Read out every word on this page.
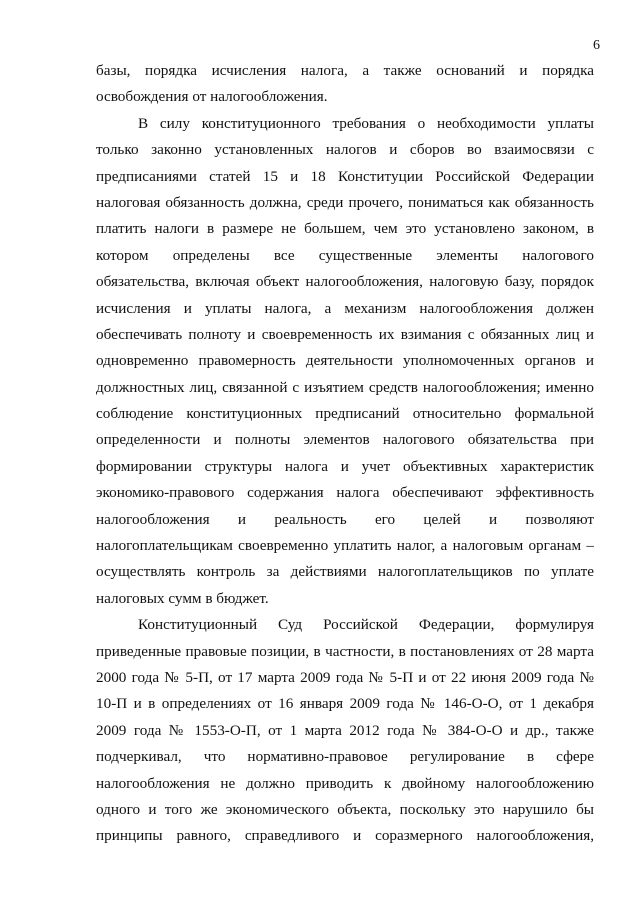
6
базы, порядка исчисления налога, а также оснований и порядка
освобождения от налогообложения.
В силу конституционного требования о необходимости уплаты
только законно установленных налогов и сборов во взаимосвязи с
предписаниями статей 15 и 18 Конституции Российской Федерации
налоговая обязанность должна, среди прочего, пониматься как обязанность
платить налоги в размере не большем, чем это установлено законом, в
котором определены все существенные элементы налогового
обязательства, включая объект налогообложения, налоговую базу, порядок
исчисления и уплаты налога, а механизм налогообложения должен
обеспечивать полноту и своевременность их взимания с обязанных лиц и
одновременно правомерность деятельности уполномоченных органов и
должностных лиц, связанной с изъятием средств налогообложения; именно
соблюдение конституционных предписаний относительно формальной
определенности и полноты элементов налогового обязательства при
формировании структуры налога и учет объективных характеристик
экономико-правового содержания налога обеспечивают эффективность
налогообложения и реальность его целей и позволяют
налогоплательщикам своевременно уплатить налог, а налоговым органам –
осуществлять контроль за действиями налогоплательщиков по уплате
налоговых сумм в бюджет.
Конституционный Суд Российской Федерации, формулируя
приведенные правовые позиции, в частности, в постановлениях от 28 марта
2000 года № 5-П, от 17 марта 2009 года № 5-П и от 22 июня 2009 года №
10-П и в определениях от 16 января 2009 года № 146-О-О, от 1 декабря
2009 года № 1553-О-П, от 1 марта 2012 года № 384-О-О и др., также
подчеркивал, что нормативно-правовое регулирование в сфере
налогообложения не должно приводить к двойному налогообложению
одного и того же экономического объекта, поскольку это нарушило бы
принципы равного, справедливого и соразмерного налогообложения,
